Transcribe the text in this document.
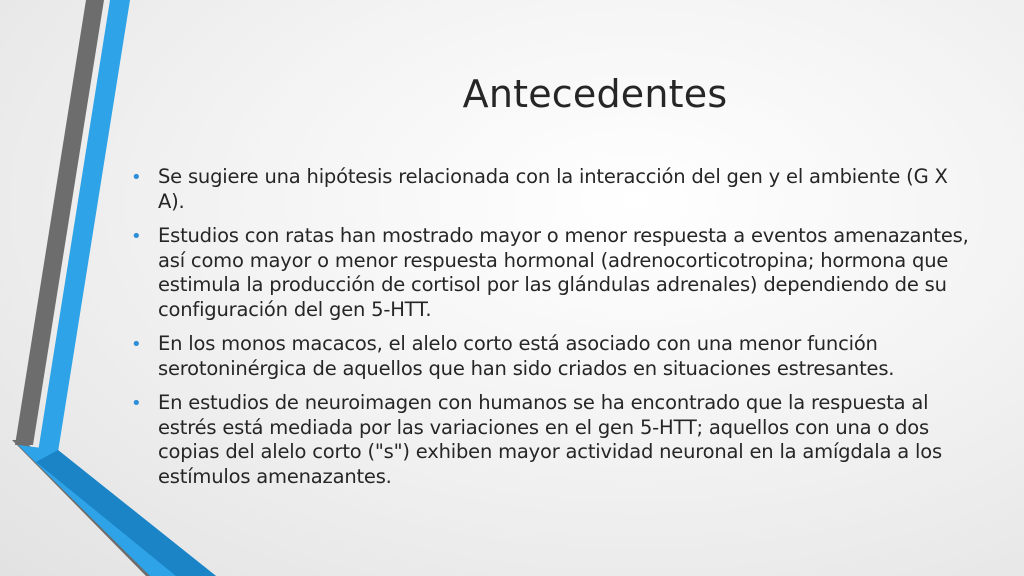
Antecedentes
• Se sugiere una hipótesis relacionada con la interacción del gen y el ambiente (G X A).
• Estudios con ratas han mostrado mayor o menor respuesta a eventos amenazantes, así como mayor o menor respuesta hormonal (adrenocorticotropina; hormona que estimula la producción de cortisol por las glándulas adrenales) dependiendo de su configuración del gen 5-HTT.
• En los monos macacos, el alelo corto está asociado con una menor función serotoninérgica de aquellos que han sido criados en situaciones estresantes.
• En estudios de neuroimagen con humanos se ha encontrado que la respuesta al estrés está mediada por las variaciones en el gen 5-HTT; aquellos con una o dos copias del alelo corto ("s") exhiben mayor actividad neuronal en la amígdala a los estímulos amenazantes.
